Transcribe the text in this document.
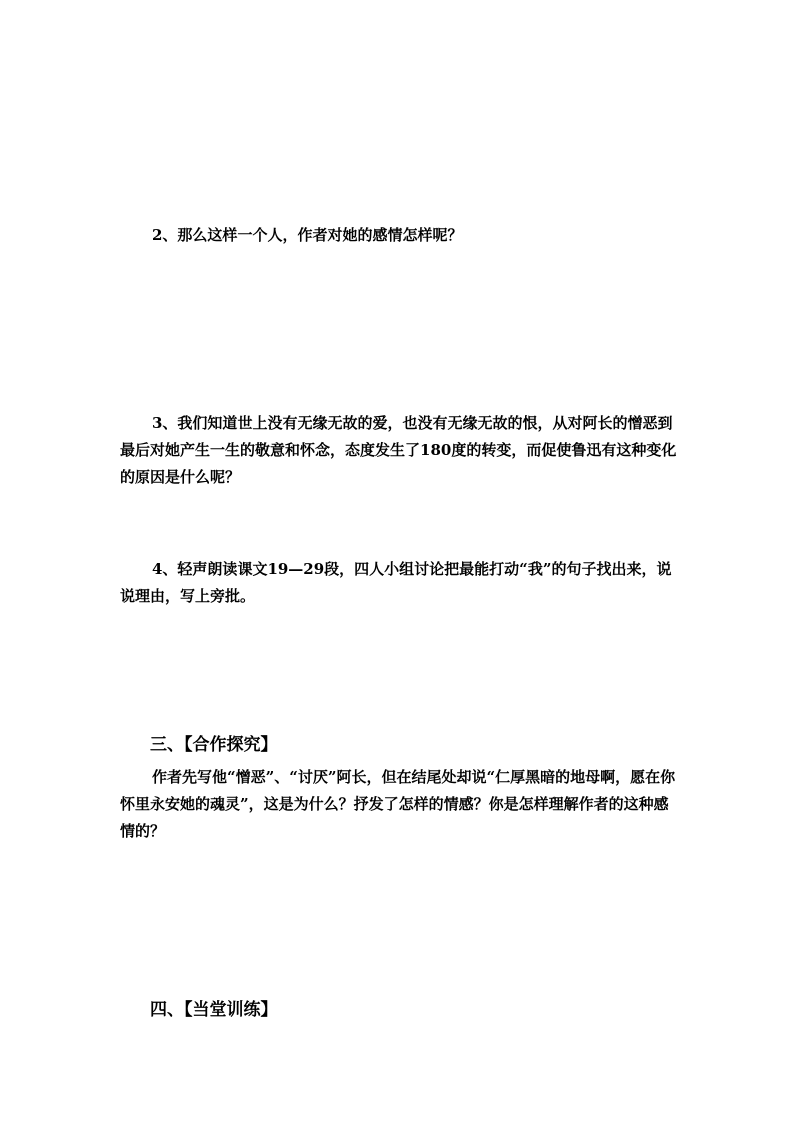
2、那么这样一个人，作者对她的感情怎样呢？

3、我们知道世上没有无缘无故的爱，也没有无缘无故的恨，从对阿长的憎恶到最后对她产生一生的敬意和怀念，态度发生了180度的转变，而促使鲁迅有这种变化的原因是什么呢？

4、轻声朗读课文19—29段，四人小组讨论把最能打动“我”的句子找出来，说说理由，写上旁批。

三、【合作探究】

作者先写他“憎恶”、“讨厌”阿长，但在结尾处却说“仁厚黑暗的地母啊，愿在你怀里永安她的魂灵”，这是为什么？抒发了怎样的情感？你是怎样理解作者的这种感情的？

四、【当堂训练】
